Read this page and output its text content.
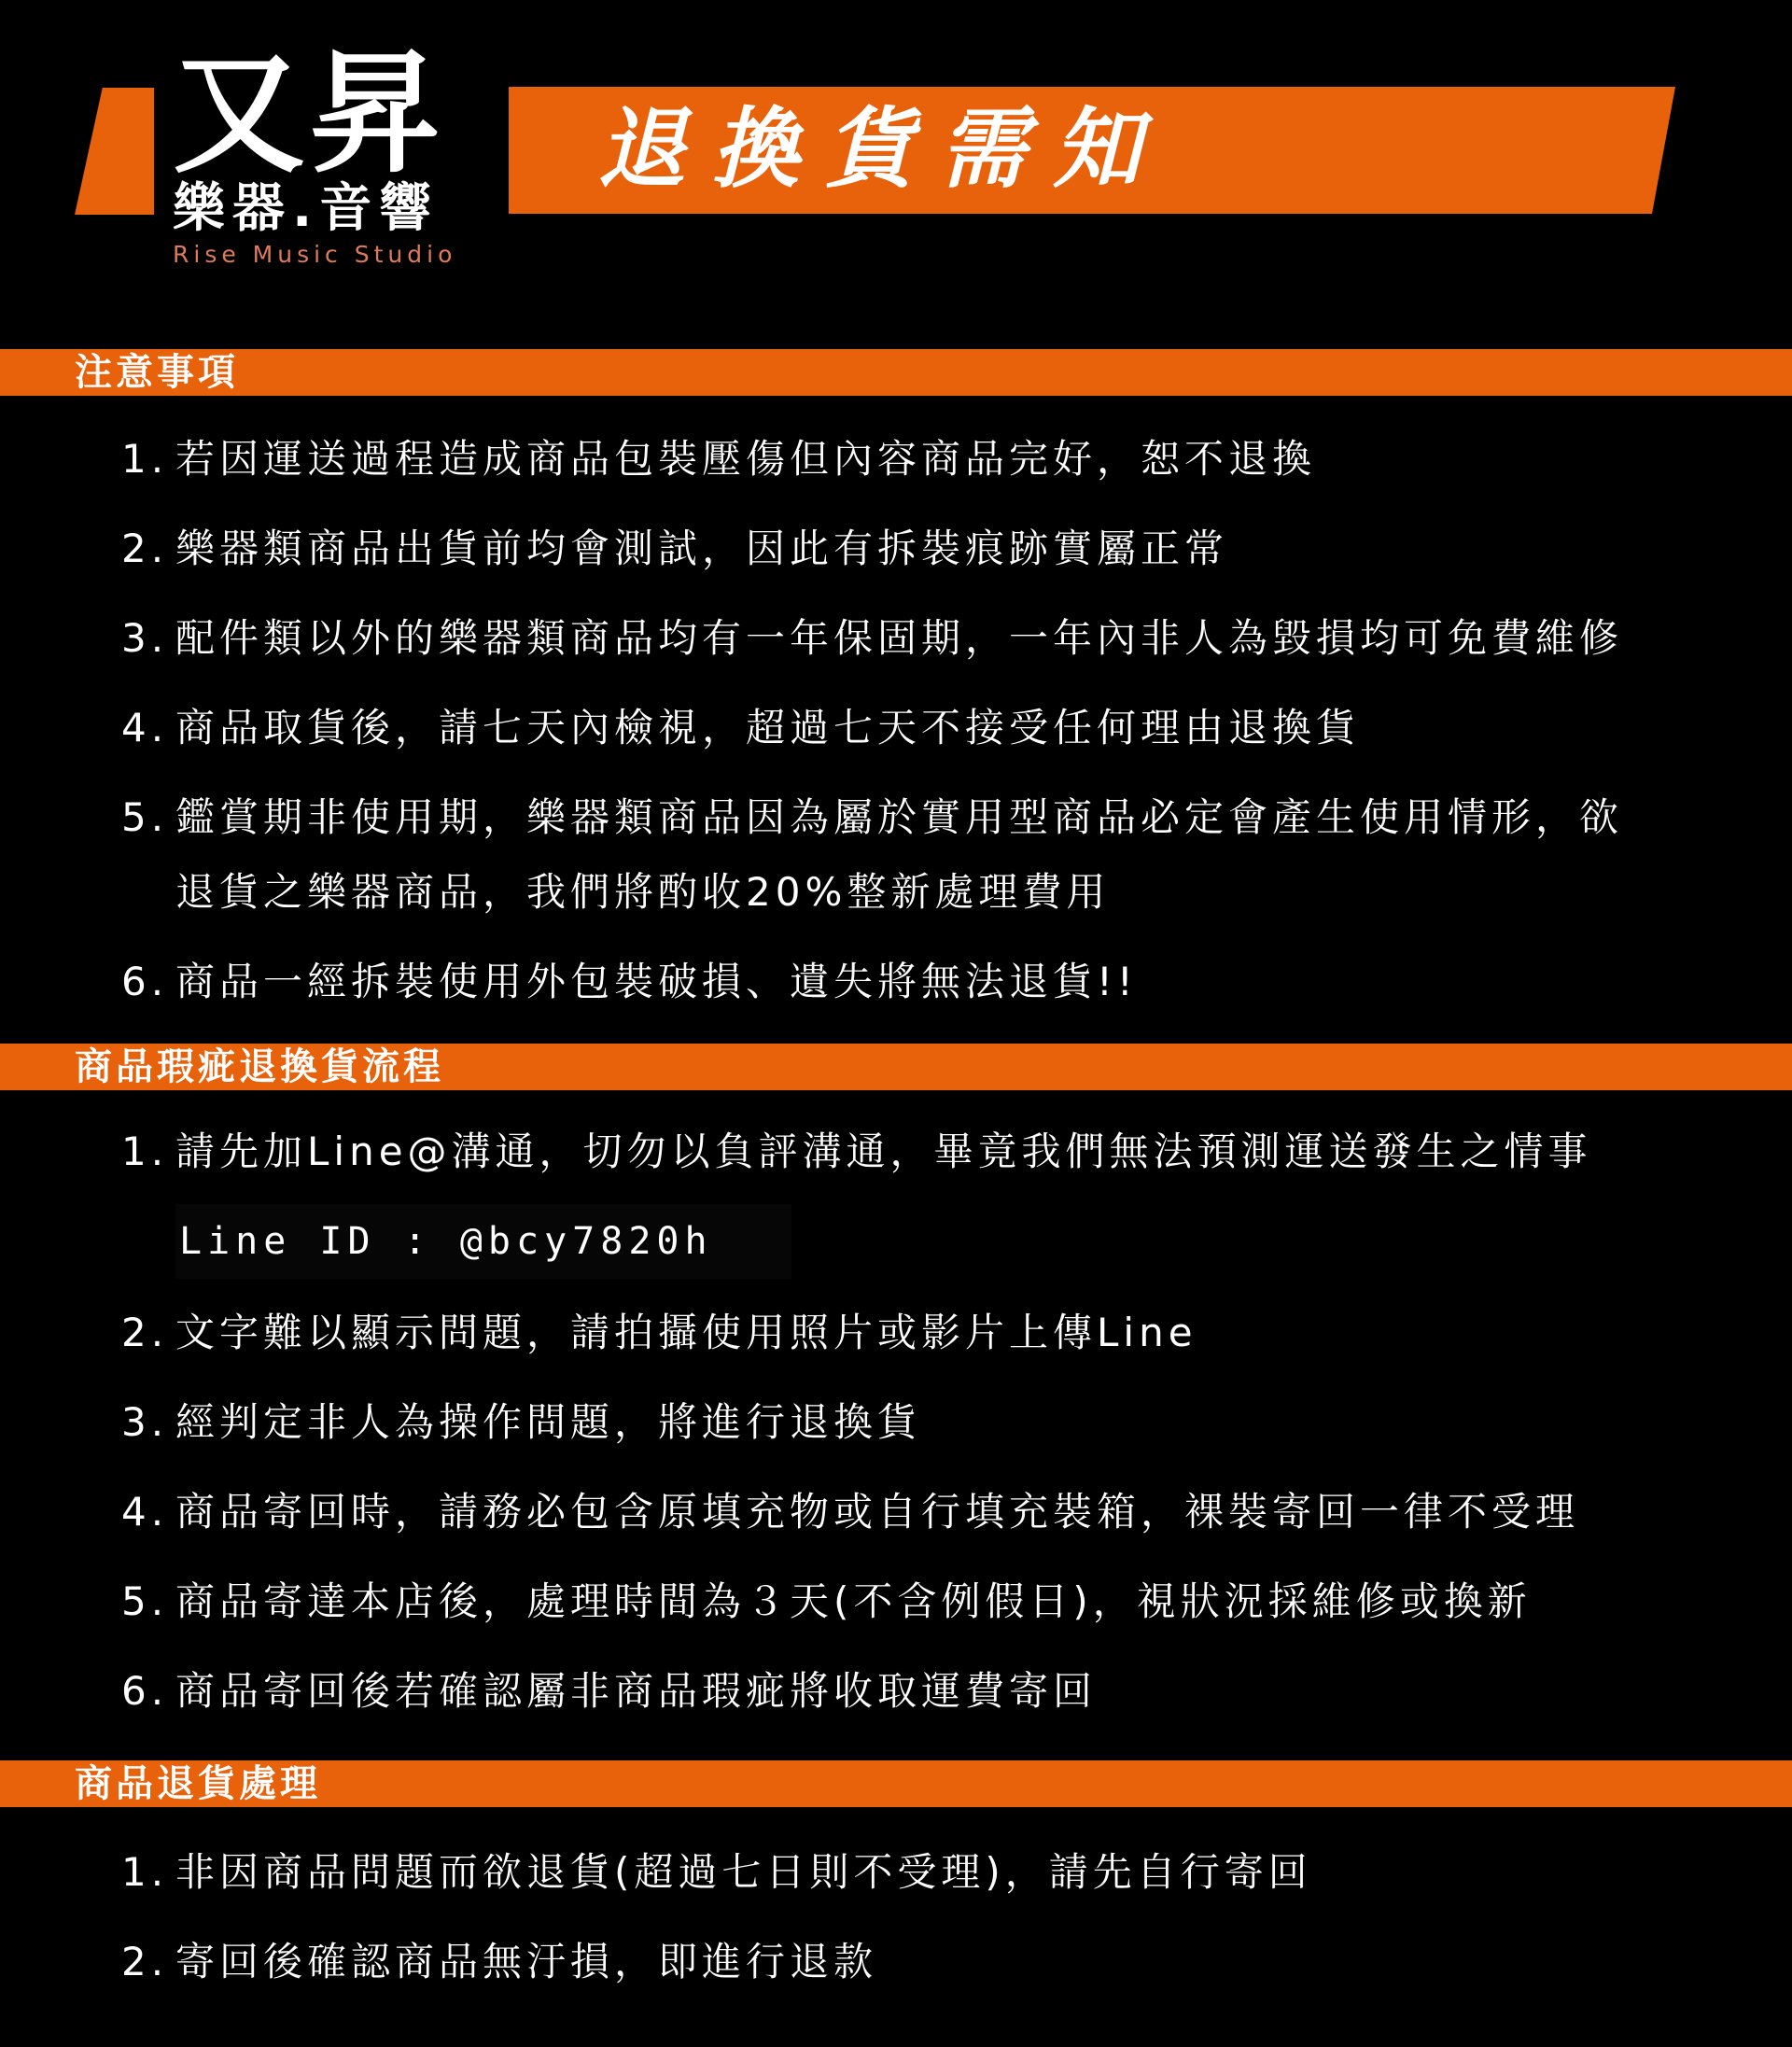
又昇
樂器.音響
Rise Music Studio
退換貨需知
注意事項
1. 若因運送過程造成商品包裝壓傷但內容商品完好，恕不退換
2. 樂器類商品出貨前均會測試，因此有拆裝痕跡實屬正常
3. 配件類以外的樂器類商品均有一年保固期，一年內非人為毀損均可免費維修
4. 商品取貨後，請七天內檢視，超過七天不接受任何理由退換貨
5. 鑑賞期非使用期，樂器類商品因為屬於實用型商品必定會產生使用情形，欲
退貨之樂器商品，我們將酌收20%整新處理費用
6. 商品一經拆裝使用外包裝破損、遺失將無法退貨!!
商品瑕疵退換貨流程
1. 請先加Line@溝通，切勿以負評溝通，畢竟我們無法預測運送發生之情事
Line ID : @bcy7820h
2. 文字難以顯示問題，請拍攝使用照片或影片上傳Line
3. 經判定非人為操作問題，將進行退換貨
4. 商品寄回時，請務必包含原填充物或自行填充裝箱，裸裝寄回一律不受理
5. 商品寄達本店後，處理時間為３天(不含例假日)，視狀況採維修或換新
6. 商品寄回後若確認屬非商品瑕疵將收取運費寄回
商品退貨處理
1. 非因商品問題而欲退貨(超過七日則不受理)，請先自行寄回
2. 寄回後確認商品無汙損，即進行退款
